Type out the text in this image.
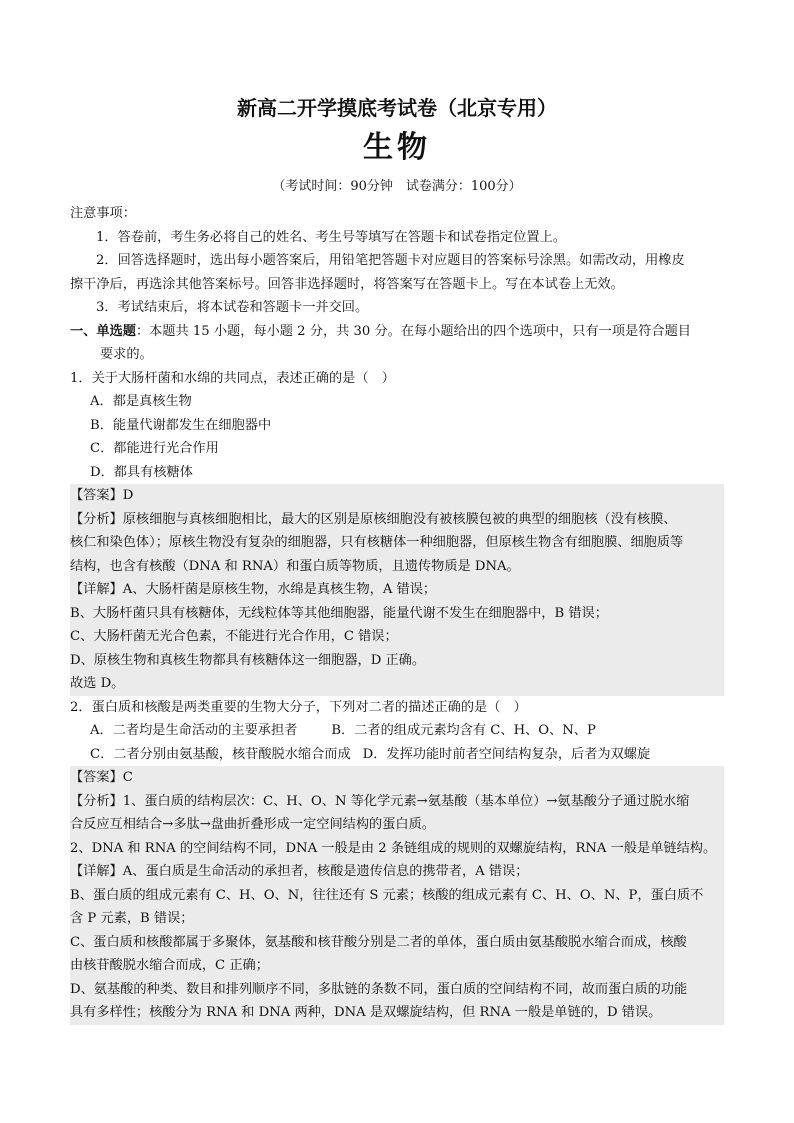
新高二开学摸底考试卷（北京专用）
生物
（考试时间：90分钟　试卷满分：100分）
注意事项：
1．答卷前，考生务必将自己的姓名、考生号等填写在答题卡和试卷指定位置上。
2．回答选择题时，选出每小题答案后，用铅笔把答题卡对应题目的答案标号涂黑。如需改动，用橡皮
擦干净后，再选涂其他答案标号。回答非选择题时，将答案写在答题卡上。写在本试卷上无效。
3．考试结束后，将本试卷和答题卡一并交回。
一、单选题：本题共 15 小题，每小题 2 分，共 30 分。在每小题给出的四个选项中，只有一项是符合题目
要求的。
1．关于大肠杆菌和水绵的共同点，表述正确的是（　）
A．都是真核生物
B．能量代谢都发生在细胞器中
C．都能进行光合作用
D．都具有核糖体
【答案】D
【分析】原核细胞与真核细胞相比，最大的区别是原核细胞没有被核膜包被的典型的细胞核（没有核膜、
核仁和染色体）；原核生物没有复杂的细胞器，只有核糖体一种细胞器，但原核生物含有细胞膜、细胞质等
结构，也含有核酸（DNA 和 RNA）和蛋白质等物质，且遗传物质是 DNA。
【详解】A、大肠杆菌是原核生物，水绵是真核生物，A 错误；
B、大肠杆菌只具有核糖体，无线粒体等其他细胞器，能量代谢不发生在细胞器中，B 错误；
C、大肠杆菌无光合色素，不能进行光合作用，C 错误；
D、原核生物和真核生物都具有核糖体这一细胞器，D 正确。
故选 D。
2．蛋白质和核酸是两类重要的生物大分子，下列对二者的描述正确的是（　）
A．二者均是生命活动的主要承担者	B．二者的组成元素均含有 C、H、O、N、P
C．二者分别由氨基酸，核苷酸脱水缩合而成 D．发挥功能时前者空间结构复杂，后者为双螺旋
【答案】C
【分析】1、蛋白质的结构层次：C、H、O、N 等化学元素→氨基酸（基本单位）→氨基酸分子通过脱水缩
合反应互相结合→多肽→盘曲折叠形成一定空间结构的蛋白质。
2、DNA 和 RNA 的空间结构不同，DNA 一般是由 2 条链组成的规则的双螺旋结构，RNA 一般是单链结构。
【详解】A、蛋白质是生命活动的承担者，核酸是遗传信息的携带者，A 错误；
B、蛋白质的组成元素有 C、H、O、N，往往还有 S 元素；核酸的组成元素有 C、H、O、N、P，蛋白质不
含 P 元素，B 错误；
C、蛋白质和核酸都属于多聚体，氨基酸和核苷酸分别是二者的单体，蛋白质由氨基酸脱水缩合而成，核酸
由核苷酸脱水缩合而成，C 正确；
D、氨基酸的种类、数目和排列顺序不同，多肽链的条数不同，蛋白质的空间结构不同，故而蛋白质的功能
具有多样性；核酸分为 RNA 和 DNA 两种，DNA 是双螺旋结构，但 RNA 一般是单链的，D 错误。
